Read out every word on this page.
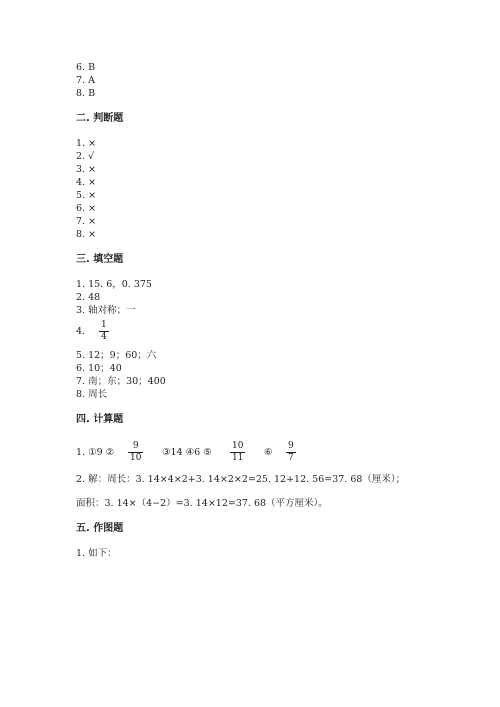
6. B
7. A
8. B
二. 判断题
1. ×
2. √
3. ×
4. ×
5. ×
6. ×
7. ×
8. ×
三. 填空题
1. 15. 6，0. 375
2. 48
3. 轴对称；一
4. $\frac{1}{4}$
5. 12；9；60；六
6. 10；40
7. 南；东；30；400
8. 周长
四. 计算题
1. ①9 ② $\frac{9}{10}$ ③14 ④6 ⑤ $\frac{10}{11}$ ⑥ $\frac{9}{7}$
2. 解：周长：3. 14×4×2+3. 14×2×2=25. 12+12. 56=37. 68（厘米）；
面积：3. 14×（4−2）=3. 14×12=37. 68（平方厘米）。
五. 作图题
1. 如下：
